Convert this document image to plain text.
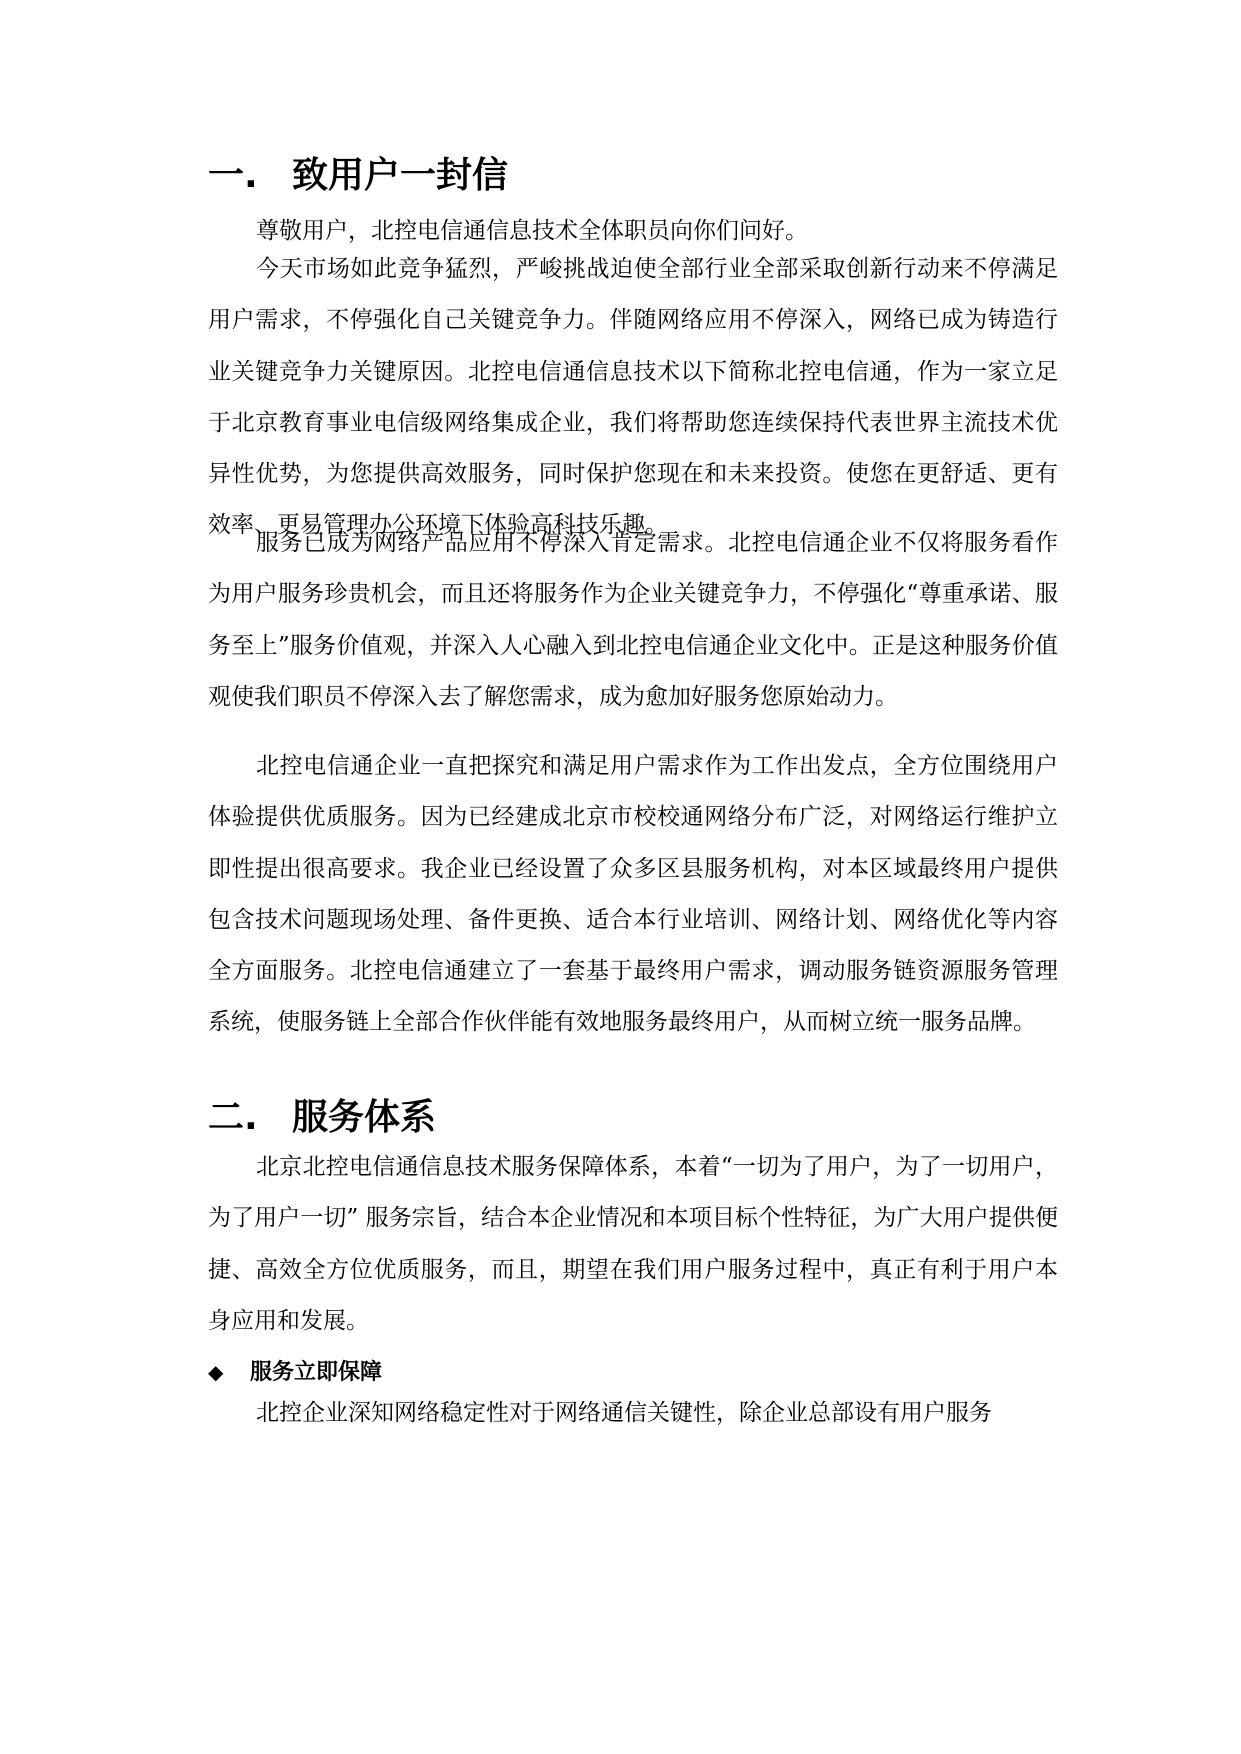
一. 致用户一封信

尊敬用户，北控电信通信息技术全体职员向你们问好。

今天市场如此竞争猛烈，严峻挑战迫使全部行业全部采取创新行动来不停满足用户需求，不停强化自己关键竞争力。伴随网络应用不停深入，网络已成为铸造行业关键竞争力关键原因。北控电信通信息技术以下简称北控电信通，作为一家立足于北京教育事业电信级网络集成企业，我们将帮助您连续保持代表世界主流技术优异性优势，为您提供高效服务，同时保护您现在和未来投资。使您在更舒适、更有效率、更易管理办公环境下体验高科技乐趣。

服务已成为网络产品应用不停深入肯定需求。北控电信通企业不仅将服务看作为用户服务珍贵机会，而且还将服务作为企业关键竞争力，不停强化“尊重承诺、服务至上”服务价值观，并深入人心融入到北控电信通企业文化中。正是这种服务价值观使我们职员不停深入去了解您需求，成为愈加好服务您原始动力。

北控电信通企业一直把探究和满足用户需求作为工作出发点，全方位围绕用户体验提供优质服务。因为已经建成北京市校校通网络分布广泛，对网络运行维护立即性提出很高要求。我企业已经设置了众多区县服务机构，对本区域最终用户提供包含技术问题现场处理、备件更换、适合本行业培训、网络计划、网络优化等内容全方面服务。北控电信通建立了一套基于最终用户需求，调动服务链资源服务管理系统，使服务链上全部合作伙伴能有效地服务最终用户，从而树立统一服务品牌。

二. 服务体系

北京北控电信通信息技术服务保障体系，本着“一切为了用户，为了一切用户，为了用户一切” 服务宗旨，结合本企业情况和本项目标个性特征，为广大用户提供便捷、高效全方位优质服务，而且，期望在我们用户服务过程中，真正有利于用户本身应用和发展。

◆ 服务立即保障

北控企业深知网络稳定性对于网络通信关键性，除企业总部设有用户服务
